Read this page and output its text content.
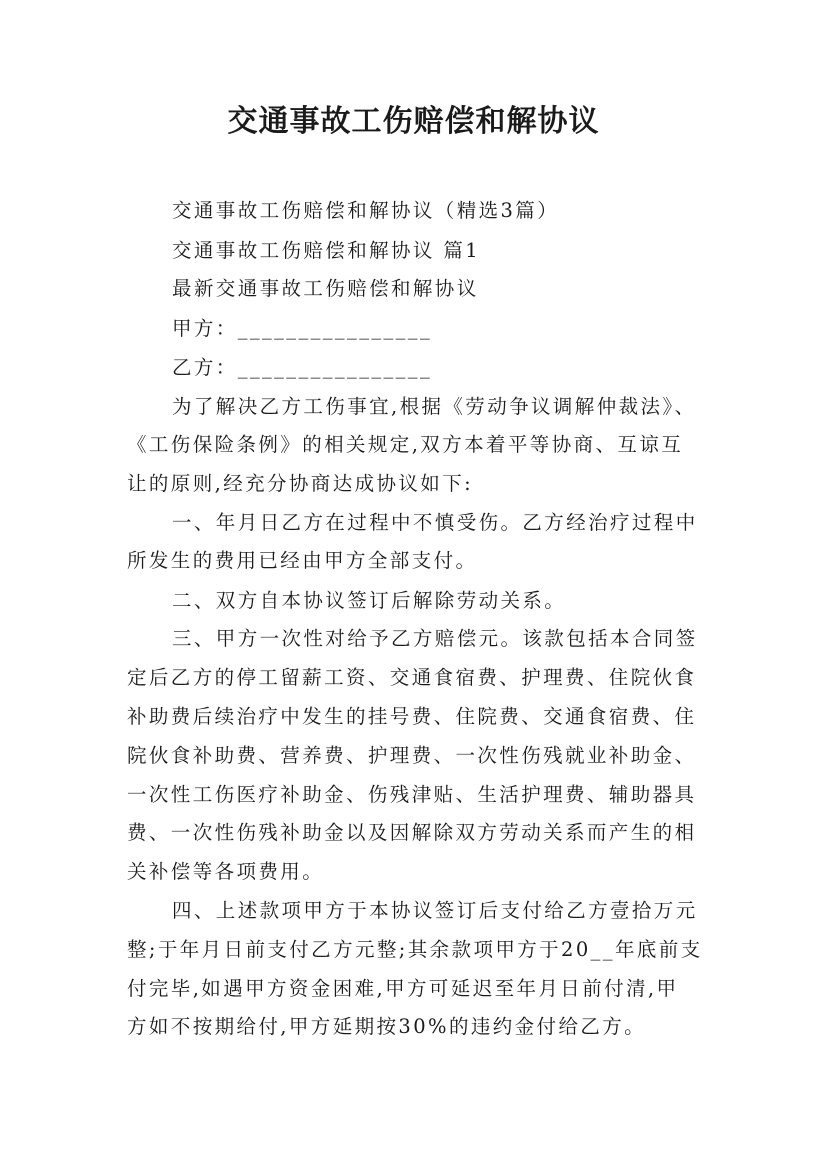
交通事故工伤赔偿和解协议
交通事故工伤赔偿和解协议（精选3篇）
交通事故工伤赔偿和解协议 篇1
最新交通事故工伤赔偿和解协议
甲方：________________
乙方：________________
为了解决乙方工伤事宜,根据《劳动争议调解仲裁法》、
《工伤保险条例》的相关规定,双方本着平等协商、互谅互
让的原则,经充分协商达成协议如下:
一、年月日乙方在过程中不慎受伤。乙方经治疗过程中
所发生的费用已经由甲方全部支付。
二、双方自本协议签订后解除劳动关系。
三、甲方一次性对给予乙方赔偿元。该款包括本合同签
定后乙方的停工留薪工资、交通食宿费、护理费、住院伙食
补助费后续治疗中发生的挂号费、住院费、交通食宿费、住
院伙食补助费、营养费、护理费、一次性伤残就业补助金、
一次性工伤医疗补助金、伤残津贴、生活护理费、辅助器具
费、一次性伤残补助金以及因解除双方劳动关系而产生的相
关补偿等各项费用。
四、上述款项甲方于本协议签订后支付给乙方壹拾万元
整;于年月日前支付乙方元整;其余款项甲方于20__年底前支
付完毕,如遇甲方资金困难,甲方可延迟至年月日前付清,甲
方如不按期给付,甲方延期按30%的违约金付给乙方。
